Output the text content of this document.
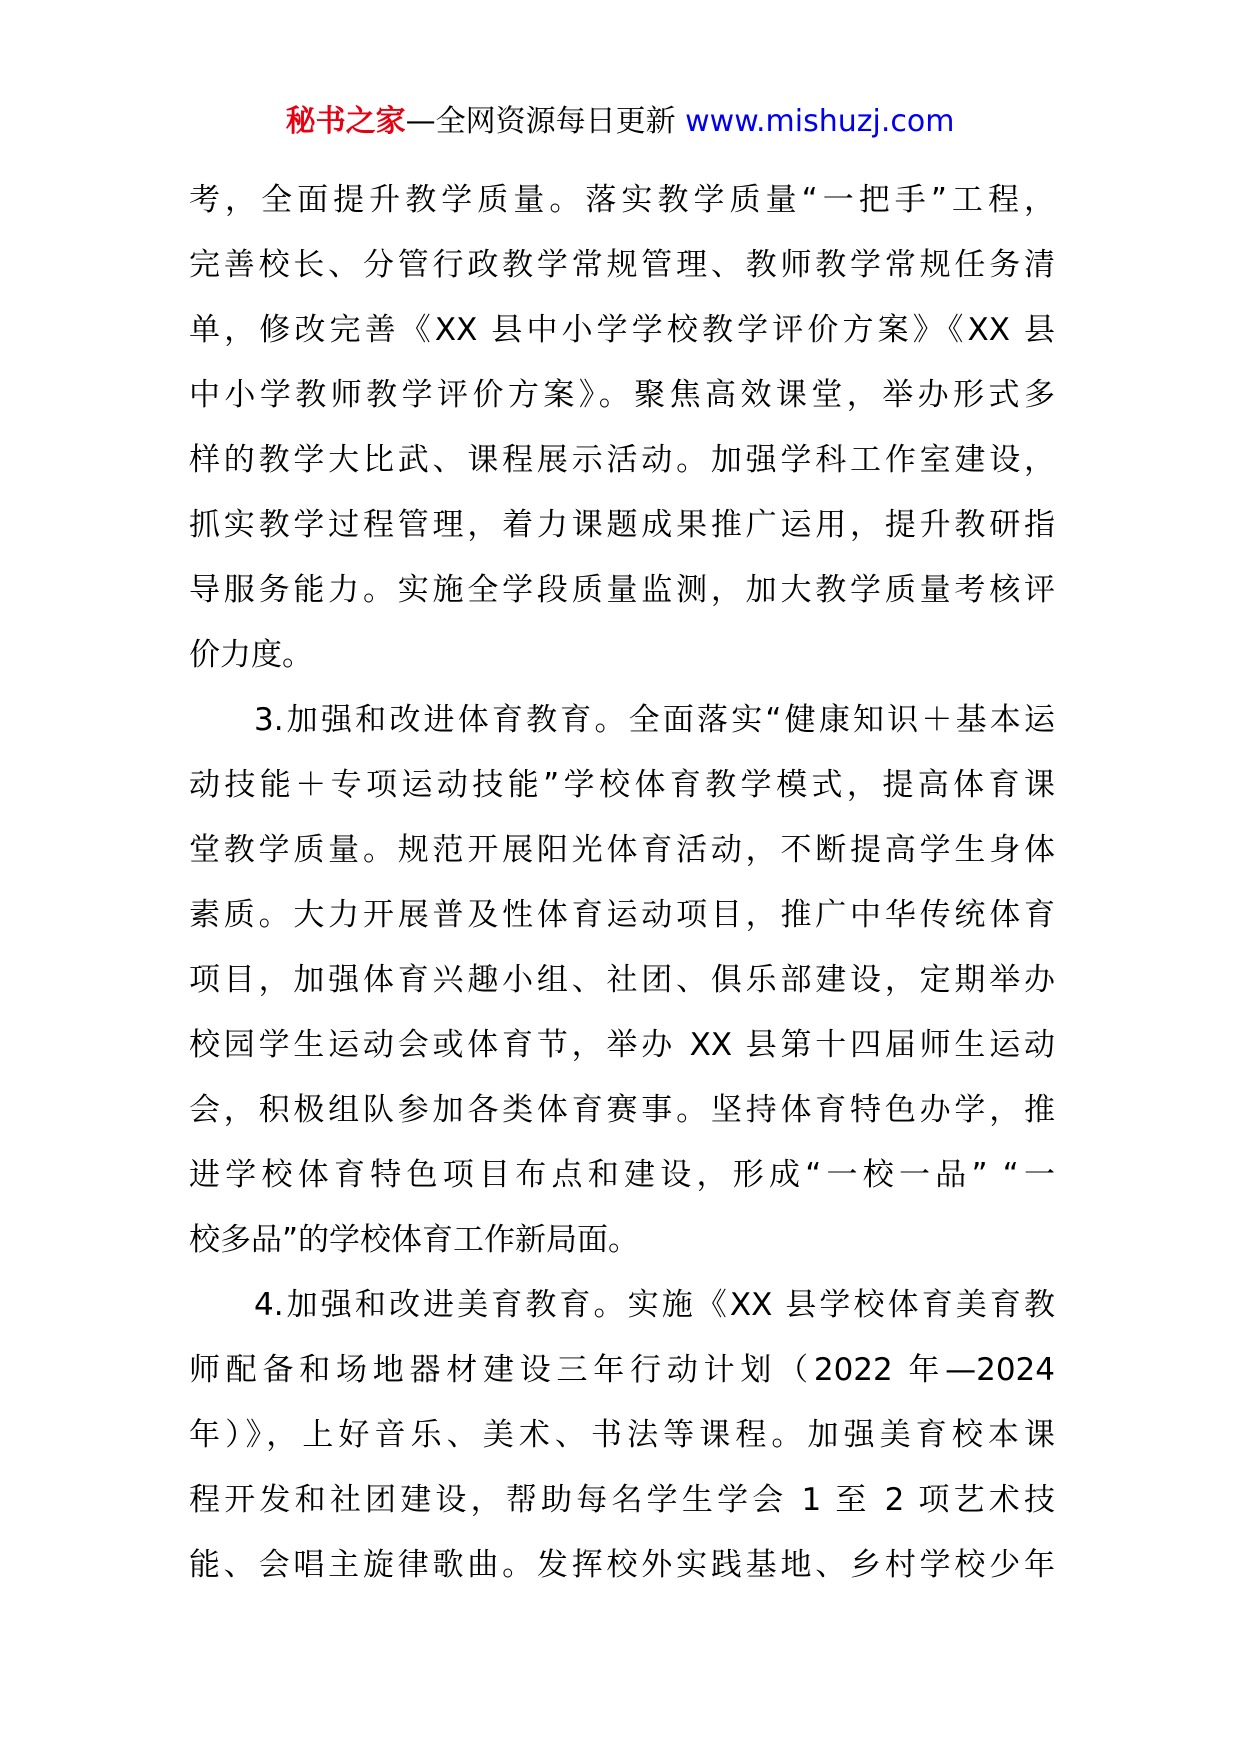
秘书之家—全网资源每日更新 www.mishuzj.com
考，全面提升教学质量。落实教学质量“一把手”工程，
完善校长、分管行政教学常规管理、教师教学常规任务清
单，修改完善《XX 县中小学学校教学评价方案》《XX 县
中小学教师教学评价方案》。聚焦高效课堂，举办形式多
样的教学大比武、课程展示活动。加强学科工作室建设，
抓实教学过程管理，着力课题成果推广运用，提升教研指
导服务能力。实施全学段质量监测，加大教学质量考核评
价力度。
3.加强和改进体育教育。全面落实“健康知识＋基本运
动技能＋专项运动技能”学校体育教学模式，提高体育课
堂教学质量。规范开展阳光体育活动，不断提高学生身体
素质。大力开展普及性体育运动项目，推广中华传统体育
项目，加强体育兴趣小组、社团、俱乐部建设，定期举办
校园学生运动会或体育节，举办 XX 县第十四届师生运动
会，积极组队参加各类体育赛事。坚持体育特色办学，推
进学校体育特色项目布点和建设，形成“一校一品” “一
校多品”的学校体育工作新局面。
4.加强和改进美育教育。实施《XX 县学校体育美育教
师配备和场地器材建设三年行动计划（2022 年—2024
年）》，上好音乐、美术、书法等课程。加强美育校本课
程开发和社团建设，帮助每名学生学会 1 至 2 项艺术技
能、会唱主旋律歌曲。发挥校外实践基地、乡村学校少年
